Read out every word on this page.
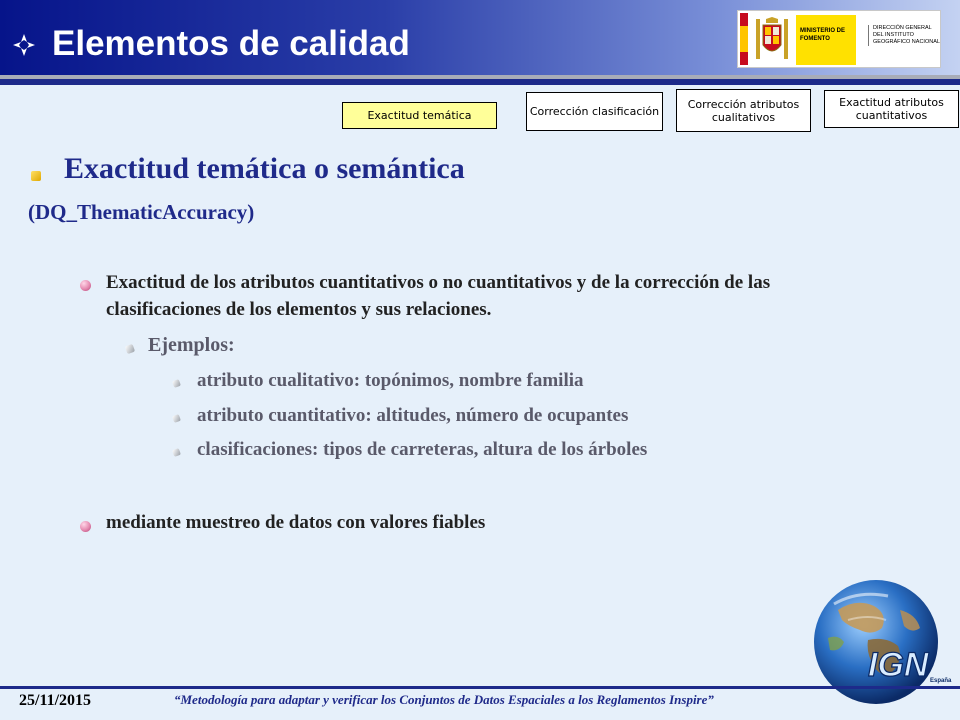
Elementos de calidad	MINISTERIO DE FOMENTO
DIRECCIÓN GENERAL DEL INSTITUTO GEOGRÁFICO NACIONAL
Exactitud temática	Corrección clasificación
Corrección atributos cualitativos
Exactitud atributos cuantitativos
Exactitud temática o semántica
(DQ_ThematicAccuracy)
Exactitud de los atributos cuantitativos o no cuantitativos y de la corrección de las clasificaciones de los elementos y sus relaciones.
Ejemplos:
atributo cualitativo: topónimos, nombre familia
atributo cuantitativo: altitudes, número de ocupantes
clasificaciones: tipos de carreteras, altura de los árboles
mediante muestreo de datos con valores fiables
IGN España
25/11/2015	“Metodología para adaptar y verificar los Conjuntos de Datos Espaciales a los Reglamentos Inspire”
